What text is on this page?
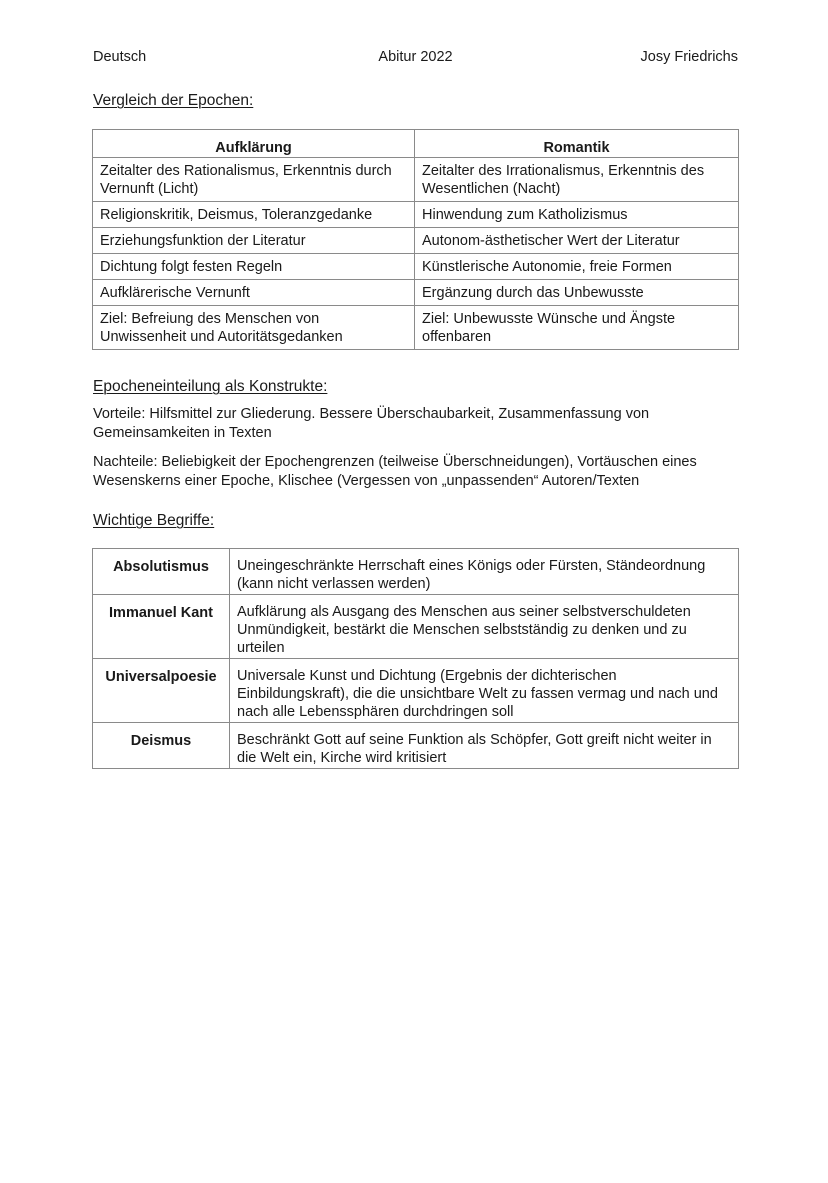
Deutsch	Abitur 2022	Josy Friedrichs
Vergleich der Epochen:
Aufklärung	Romantik
Zeitalter des Rationalismus, Erkenntnis durch Vernunft (Licht)	Zeitalter des Irrationalismus, Erkenntnis des Wesentlichen (Nacht)
Religionskritik, Deismus, Toleranzgedanke	Hinwendung zum Katholizismus
Erziehungsfunktion der Literatur	Autonom-ästhetischer Wert der Literatur
Dichtung folgt festen Regeln	Künstlerische Autonomie, freie Formen
Aufklärerische Vernunft	Ergänzung durch das Unbewusste
Ziel: Befreiung des Menschen von Unwissenheit und Autoritätsgedanken	Ziel: Unbewusste Wünsche und Ängste offenbaren
Epocheneinteilung als Konstrukte:
Vorteile: Hilfsmittel zur Gliederung. Bessere Überschaubarkeit, Zusammenfassung von Gemeinsamkeiten in Texten
Nachteile: Beliebigkeit der Epochengrenzen (teilweise Überschneidungen), Vortäuschen eines Wesenskerns einer Epoche, Klischee (Vergessen von „unpassenden“ Autoren/Texten
Wichtige Begriffe:
Absolutismus	Uneingeschränkte Herrschaft eines Königs oder Fürsten, Ständeordnung (kann nicht verlassen werden)
Immanuel Kant	Aufklärung als Ausgang des Menschen aus seiner selbstverschuldeten Unmündigkeit, bestärkt die Menschen selbstständig zu denken und zu urteilen
Universalpoesie	Universale Kunst und Dichtung (Ergebnis der dichterischen Einbildungskraft), die die unsichtbare Welt zu fassen vermag und nach und nach alle Lebenssphären durchdringen soll
Deismus	Beschränkt Gott auf seine Funktion als Schöpfer, Gott greift nicht weiter in die Welt ein, Kirche wird kritisiert
